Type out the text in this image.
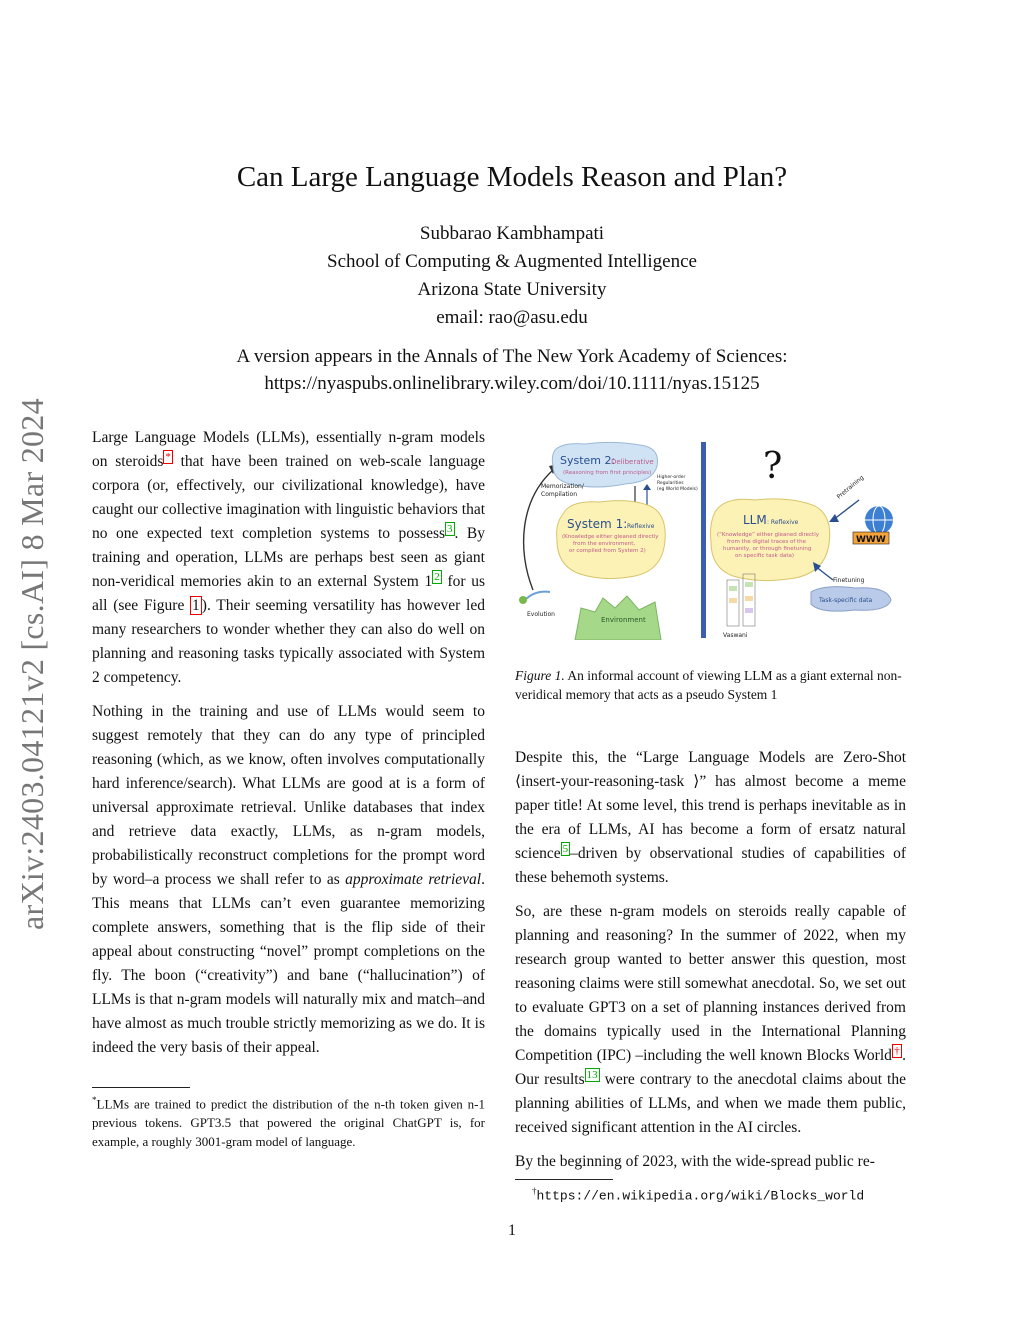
arXiv:2403.04121v2 [cs.AI] 8 Mar 2024
Can Large Language Models Reason and Plan?
Subbarao Kambhampati
School of Computing & Augmented Intelligence
Arizona State University
email: rao@asu.edu
A version appears in the Annals of The New York Academy of Sciences:
https://nyaspubs.onlinelibrary.wiley.com/doi/10.1111/nyas.15125

Large Language Models (LLMs), essentially n-gram models on steroids * that have been trained on web-scale language corpora (or, effectively, our civilizational knowledge), have caught our collective imagination with linguistic behaviors that no one expected text completion systems to possess $^3$ . By training and operation, LLMs are perhaps best seen as giant non-veridical memories akin to an external System 1 $^2$ for us all (see Figure 1 ). Their seeming versatility has however led many researchers to wonder whether they can also do well on planning and reasoning tasks typically associated with System 2 competency.

Nothing in the training and use of LLMs would seem to suggest remotely that they can do any type of principled reasoning (which, as we know, often involves computationally hard inference/search). What LLMs are good at is a form of universal approximate retrieval. Unlike databases that index and retrieve data exactly, LLMs, as n-gram models, probabilistically reconstruct completions for the prompt word by word–a process we shall refer to as approximate retrieval. This means that LLMs can’t even guarantee memorizing complete answers, something that is the flip side of their appeal about constructing “novel” prompt completions on the fly. The boon (“creativity”) and bane (“hallucination”) of LLMs is that n-gram models will naturally mix and match–and have almost as much trouble strictly memorizing as we do. It is indeed the very basis of their appeal.

*LLMs are trained to predict the distribution of the n-th token given n-1 previous tokens. GPT3.5 that powered the original ChatGPT is, for example, a roughly 3001-gram model of language.
System 2:
Deliberative
(Reasoning from first principles)
Memorization/
Compilation
Higher-order
Regularities
(eg World Models)
System 1: Reflexive
(Knowledge either gleaned directly
from the environment,
or compiled from System 2)
Evolution
Environment
?
LLM : Reflexive
(“Knowledge” either gleaned directly
from the digital traces of the
humanity, or through finetuning
on specific task data)
Pretraining
WWW
Finetuning
Task-specific data
Vaswani
Figure 1. An informal account of viewing LLM as a giant external non-veridical memory that acts as a pseudo System 1

Despite this, the “Large Language Models are Zero-Shot ⟨insert-your-reasoning-task ⟩” has almost become a meme paper title! At some level, this trend is perhaps inevitable as in the era of LLMs, AI has become a form of ersatz natural science $^5$ –driven by observational studies of capabilities of these behemoth systems.

So, are these n-gram models on steroids really capable of planning and reasoning? In the summer of 2022, when my research group wanted to better answer this question, most reasoning claims were still somewhat anecdotal. So, we set out to evaluate GPT3 on a set of planning instances derived from the domains typically used in the International Planning Competition (IPC) –including the well known Blocks World † . Our results $^{13}$ were contrary to the anecdotal claims about the planning abilities of LLMs, and when we made them public, received significant attention in the AI circles.

By the beginning of 2023, with the wide-spread public re-

†https://en.wikipedia.org/wiki/Blocks_world
1
